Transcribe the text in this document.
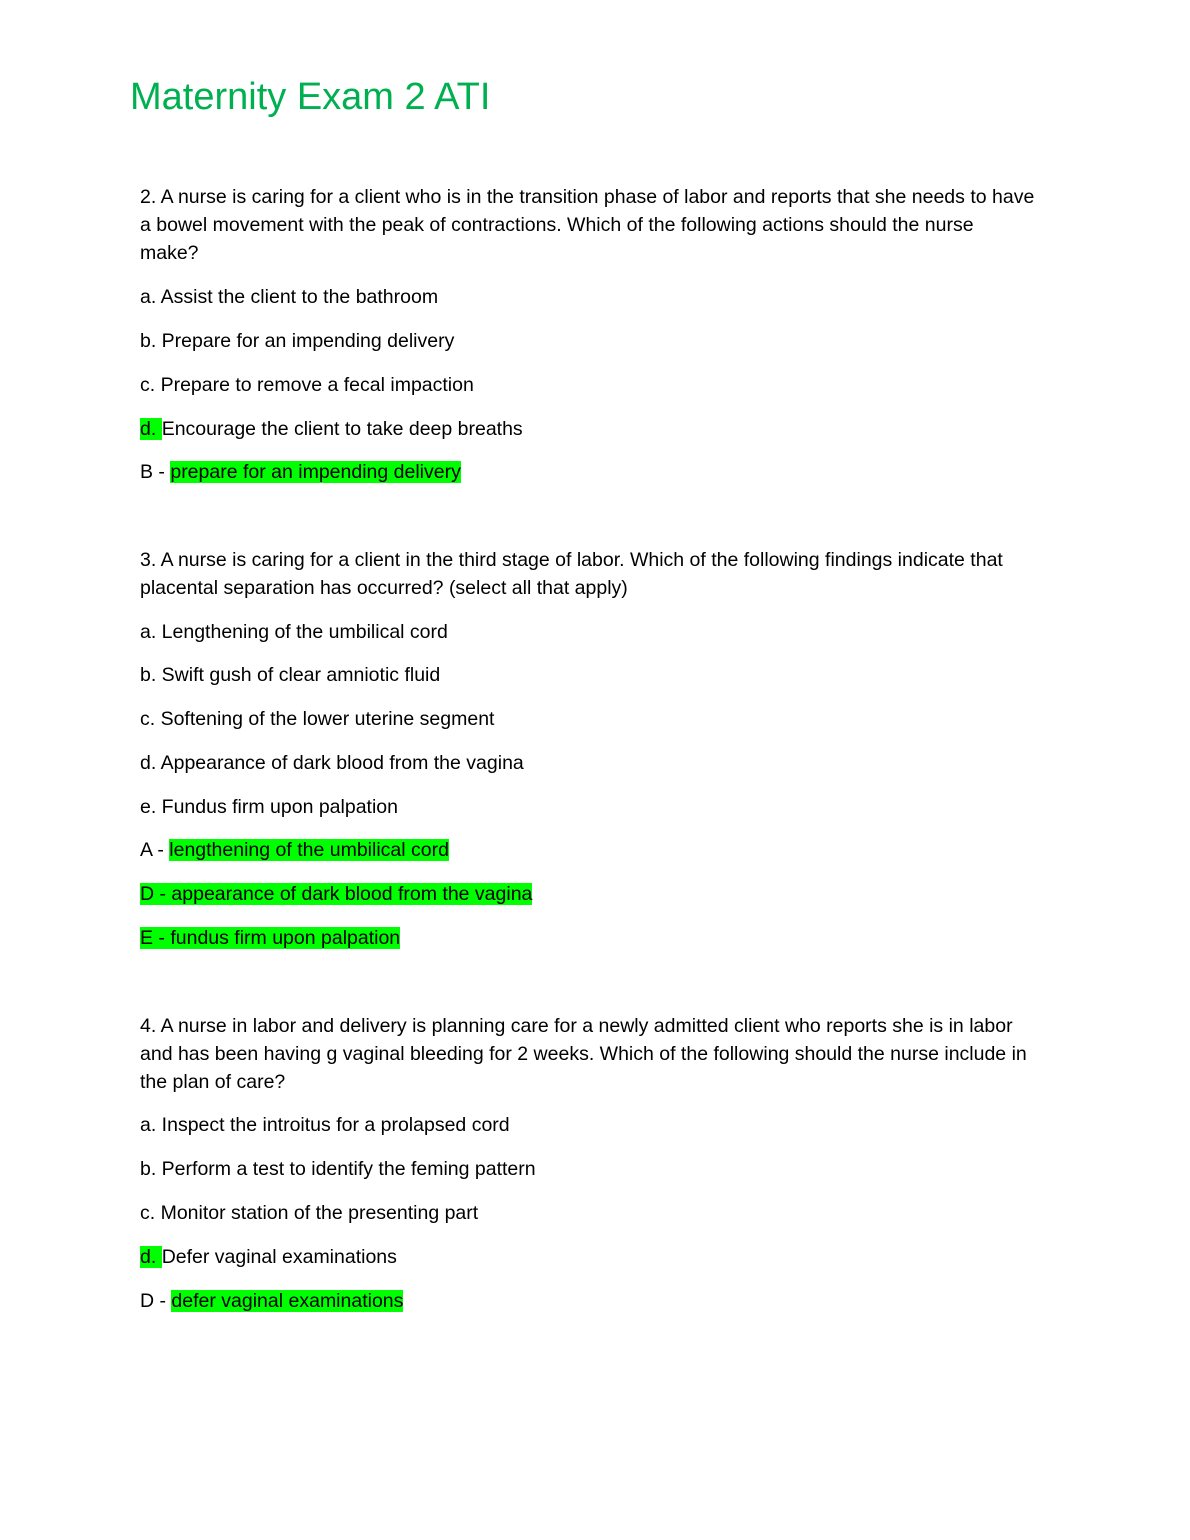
Maternity Exam 2 ATI
2. A nurse is caring for a client who is in the transition phase of labor and reports that she needs to have
a bowel movement with the peak of contractions. Which of the following actions should the nurse
make?
a. Assist the client to the bathroom
b. Prepare for an impending delivery
c. Prepare to remove a fecal impaction
d. Encourage the client to take deep breaths
B - prepare for an impending delivery
3. A nurse is caring for a client in the third stage of labor. Which of the following findings indicate that
placental separation has occurred? (select all that apply)
a. Lengthening of the umbilical cord
b. Swift gush of clear amniotic fluid
c. Softening of the lower uterine segment
d. Appearance of dark blood from the vagina
e. Fundus firm upon palpation
A - lengthening of the umbilical cord
D - appearance of dark blood from the vagina
E - fundus firm upon palpation
4. A nurse in labor and delivery is planning care for a newly admitted client who reports she is in labor
and has been having g vaginal bleeding for 2 weeks. Which of the following should the nurse include in
the plan of care?
a. Inspect the introitus for a prolapsed cord
b. Perform a test to identify the feming pattern
c. Monitor station of the presenting part
d. Defer vaginal examinations
D - defer vaginal examinations
